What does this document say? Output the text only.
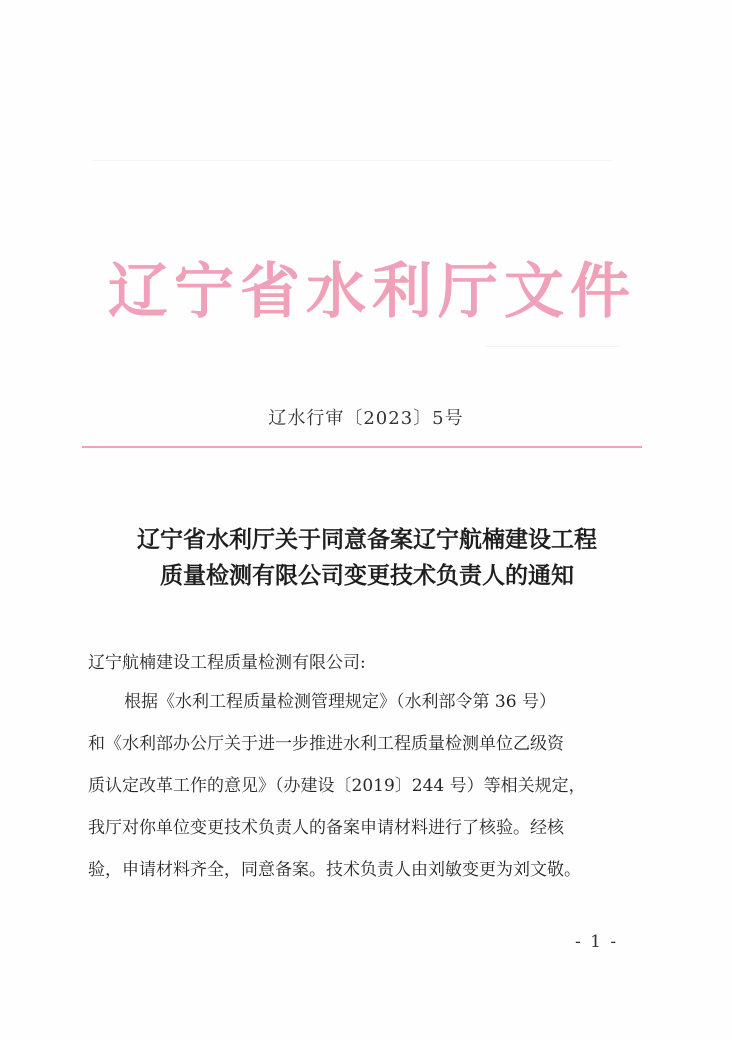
辽宁省水利厅文件
辽水行审〔2023〕5号
辽宁省水利厅关于同意备案辽宁航楠建设工程
质量检测有限公司变更技术负责人的通知
辽宁航楠建设工程质量检测有限公司:
根据《水利工程质量检测管理规定》（水利部令第 36 号）
和《水利部办公厅关于进一步推进水利工程质量检测单位乙级资
质认定改革工作的意见》（办建设〔2019〕244 号）等相关规定，
我厅对你单位变更技术负责人的备案申请材料进行了核验。经核
验，申请材料齐全，同意备案。技术负责人由刘敏变更为刘文敬。
- 1 -
